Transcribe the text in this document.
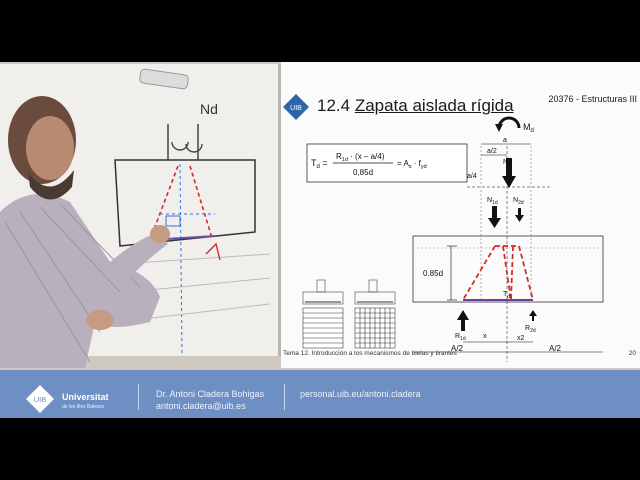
Nd	UIB 12.4 Zapata aislada rígida	20376 - Estructuras III
$T_d$ =
$R_{1d} \cdot (x - a/4)$
0,85d
= $A_s \cdot f_{yd}$
$M_d$
a
a/2
a/4
$N_d$
$N_{1d}$ $N_{2d}$
$T_d$
0.85d
$R_{1d}$
$R_{2d}$
x	x2
A/2	A/2
Tema 12. Introducción a los mecanismos de bielas y tirantes	20
UIB Universitat
de les Illes Balears
Dr. Antoni Cladera Bohigas
antoni.cladera@uib.es
personal.uib.eu/antoni.cladera
